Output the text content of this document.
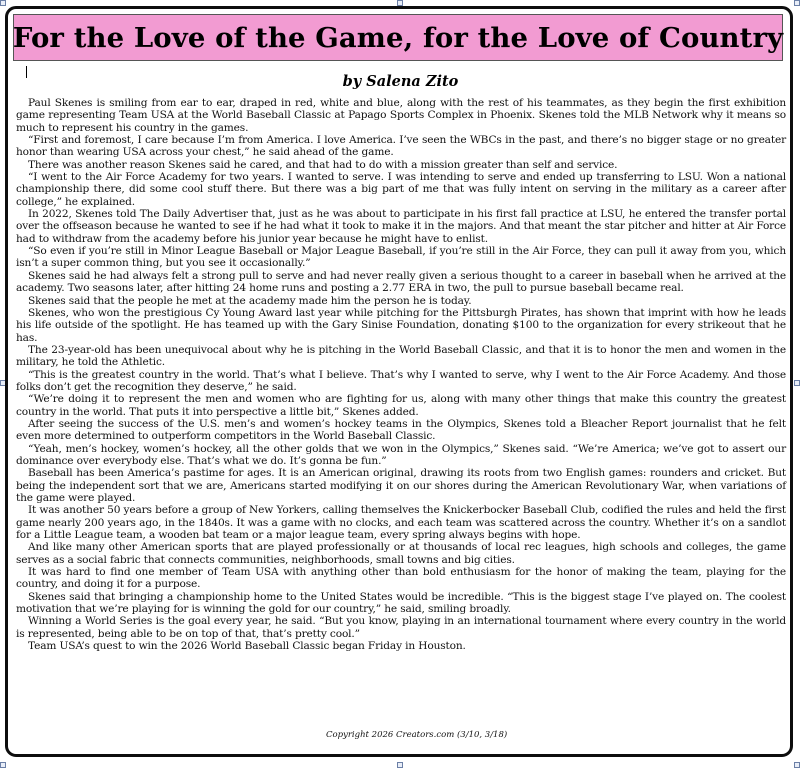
For the Love of the Game, for the Love of Country
by Salena Zito

Paul Skenes is smiling from ear to ear, draped in red, white and blue, along with the rest of his teammates, as they begin the first exhibition game representing Team USA at the World Baseball Classic at Papago Sports Complex in Phoenix. Skenes told the MLB Network why it means so much to represent his country in the games.

“First and foremost, I care because I’m from America. I love America. I’ve seen the WBCs in the past, and there’s no bigger stage or no greater honor than wearing USA across your chest,” he said ahead of the game.

There was another reason Skenes said he cared, and that had to do with a mission greater than self and service.

“I went to the Air Force Academy for two years. I wanted to serve. I was intending to serve and ended up transferring to LSU. Won a national championship there, did some cool stuff there. But there was a big part of me that was fully intent on serving in the military as a career after college,” he explained.

In 2022, Skenes told The Daily Advertiser that, just as he was about to participate in his first fall practice at LSU, he entered the transfer portal over the offseason because he wanted to see if he had what it took to make it in the majors. And that meant the star pitcher and hitter at Air Force had to withdraw from the academy before his junior year because he might have to enlist.

“So even if you’re still in Minor League Baseball or Major League Baseball, if you’re still in the Air Force, they can pull it away from you, which isn’t a super common thing, but you see it occasionally.”

Skenes said he had always felt a strong pull to serve and had never really given a serious thought to a career in baseball when he arrived at the academy. Two seasons later, after hitting 24 home runs and posting a 2.77 ERA in two, the pull to pursue baseball became real.

Skenes said that the people he met at the academy made him the person he is today.

Skenes, who won the prestigious Cy Young Award last year while pitching for the Pittsburgh Pirates, has shown that imprint with how he leads his life outside of the spotlight. He has teamed up with the Gary Sinise Foundation, donating $100 to the organization for every strikeout that he has.

The 23-year-old has been unequivocal about why he is pitching in the World Baseball Classic, and that it is to honor the men and women in the military, he told the Athletic.

“This is the greatest country in the world. That’s what I believe. That’s why I wanted to serve, why I went to the Air Force Academy. And those folks don’t get the recognition they deserve,” he said.

“We’re doing it to represent the men and women who are fighting for us, along with many other things that make this country the greatest country in the world. That puts it into perspective a little bit,” Skenes added.

After seeing the success of the U.S. men’s and women’s hockey teams in the Olympics, Skenes told a Bleacher Report journalist that he felt even more determined to outperform competitors in the World Baseball Classic.

“Yeah, men’s hockey, women’s hockey, all the other golds that we won in the Olympics,” Skenes said. “We’re America; we’ve got to assert our dominance over everybody else. That’s what we do. It’s gonna be fun.”

Baseball has been America’s pastime for ages. It is an American original, drawing its roots from two English games: rounders and cricket. But being the independent sort that we are, Americans started modifying it on our shores during the American Revolutionary War, when variations of the game were played.

It was another 50 years before a group of New Yorkers, calling themselves the Knickerbocker Baseball Club, codified the rules and held the first game nearly 200 years ago, in the 1840s. It was a game with no clocks, and each team was scattered across the country. Whether it’s on a sandlot for a Little League team, a wooden bat team or a major league team, every spring always begins with hope.

And like many other American sports that are played professionally or at thousands of local rec leagues, high schools and colleges, the game serves as a social fabric that connects communities, neighborhoods, small towns and big cities.

It was hard to find one member of Team USA with anything other than bold enthusiasm for the honor of making the team, playing for the country, and doing it for a purpose.

Skenes said that bringing a championship home to the United States would be incredible. “This is the biggest stage I’ve played on. The coolest motivation that we’re playing for is winning the gold for our country,” he said, smiling broadly.

Winning a World Series is the goal every year, he said. “But you know, playing in an international tournament where every country in the world is represented, being able to be on top of that, that’s pretty cool.”

Team USA’s quest to win the 2026 World Baseball Classic began Friday in Houston.

Copyright 2026 Creators.com (3/10, 3/18)
